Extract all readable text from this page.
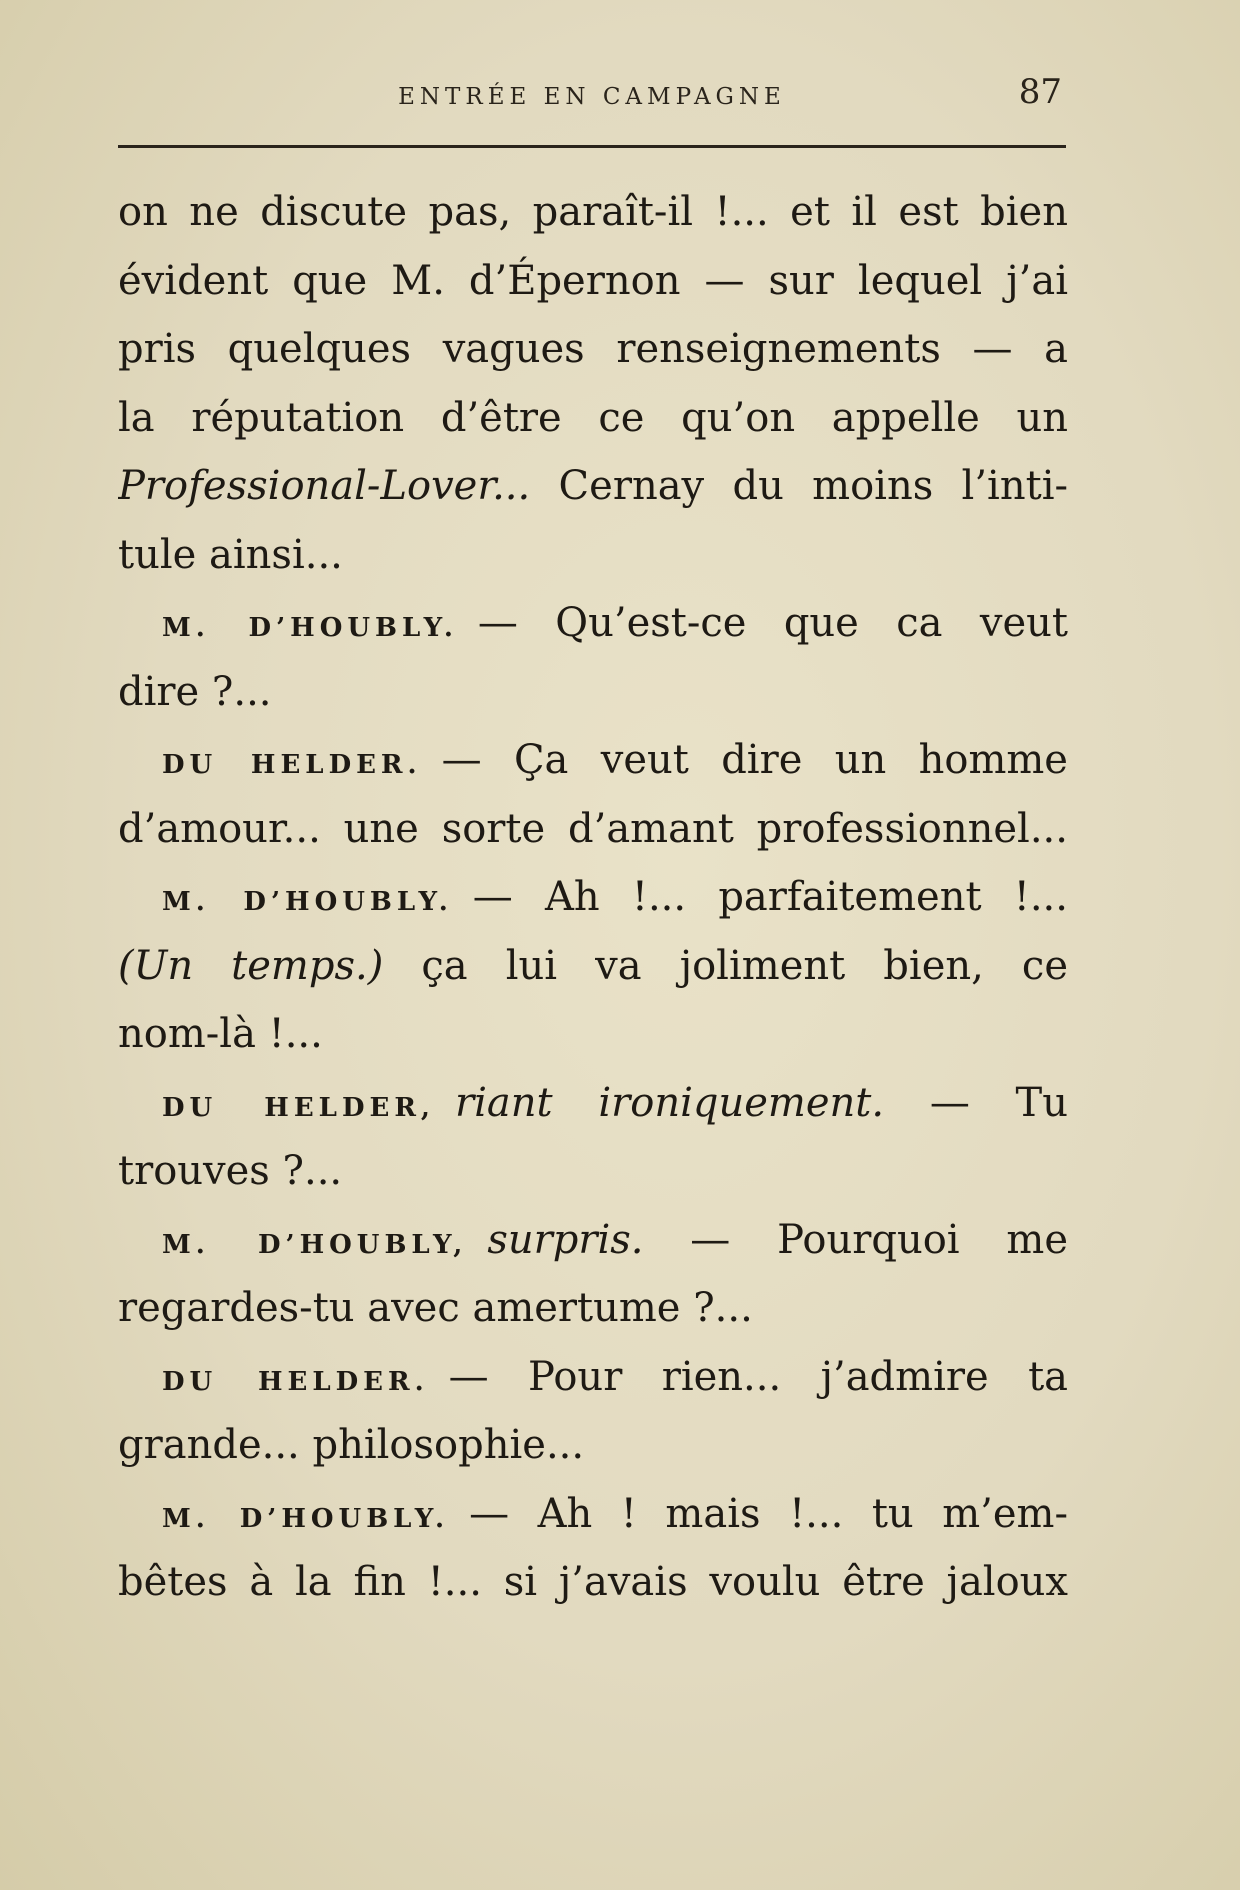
ENTRÉE EN CAMPAGNE	87
on ne discute pas, paraît-il !... et il est bien
évident que M. d’Épernon — sur lequel j’ai
pris quelques vagues renseignements — a
la réputation d’être ce qu’on appelle un
Professional-Lover... Cernay du moins l’inti-
tule ainsi...
M. D’HOUBLY. — Qu’est-ce que ca veut
dire ?...
DU HELDER. — Ça veut dire un homme
d’amour... une sorte d’amant professionnel...
M. D’HOUBLY. — Ah !... parfaitement !...
(Un temps.) ça lui va joliment bien, ce
nom-là !...
DU HELDER, riant ironiquement. — Tu
trouves ?...
M. D’HOUBLY, surpris. — Pourquoi me
regardes-tu avec amertume ?...
DU HELDER. — Pour rien... j’admire ta
grande... philosophie...
M. D’HOUBLY. — Ah ! mais !... tu m’em-
bêtes à la fin !... si j’avais voulu être jaloux
